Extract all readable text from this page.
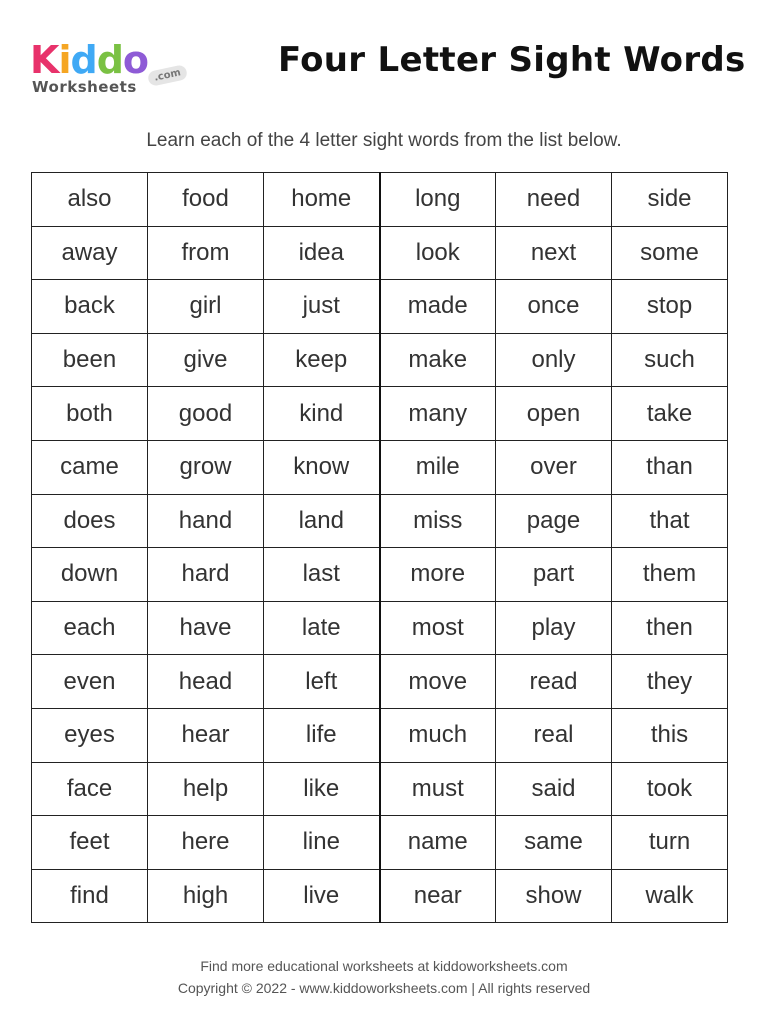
Kiddo .com
Worksheets
Four Letter Sight Words
Learn each of the 4 letter sight words from the list below.
also	food	home	long	need	side
away	from	idea	look	next	some
back	girl	just	made	once	stop
been	give	keep	make	only	such
both	good	kind	many	open	take
came	grow	know	mile	over	than
does	hand	land	miss	page	that
down	hard	last	more	part	them
each	have	late	most	play	then
even	head	left	move	read	they
eyes	hear	life	much	real	this
face	help	like	must	said	took
feet	here	line	name	same	turn
find	high	live	near	show	walk
Find more educational worksheets at kiddoworksheets.com
Copyright © 2022 - www.kiddoworksheets.com | All rights reserved
